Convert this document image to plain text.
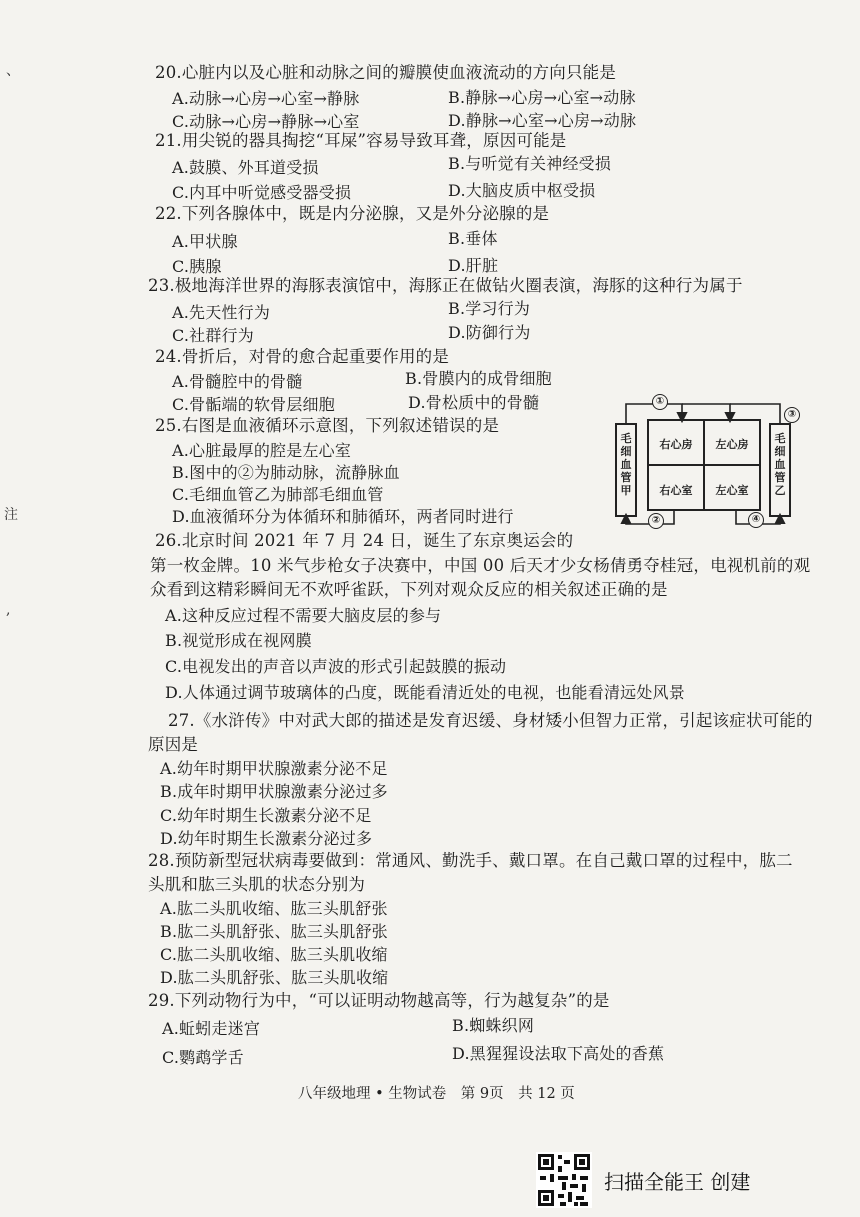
、
注
,
20.心脏内以及心脏和动脉之间的瓣膜使血液流动的方向只能是
A.动脉→心房→心室→静脉	B.静脉→心房→心室→动脉
C.动脉→心房→静脉→心室	D.静脉→心室→心房→动脉
21.用尖锐的器具掏挖“耳屎”容易导致耳聋，原因可能是
A.鼓膜、外耳道受损	B.与听觉有关神经受损
C.内耳中听觉感受器受损	D.大脑皮质中枢受损
22.下列各腺体中，既是内分泌腺，又是外分泌腺的是
A.甲状腺	B.垂体
C.胰腺	D.肝脏
23.极地海洋世界的海豚表演馆中，海豚正在做钻火圈表演，海豚的这种行为属于
A.先天性行为	B.学习行为
C.社群行为	D.防御行为
24.骨折后，对骨的愈合起重要作用的是
A.骨髓腔中的骨髓	B.骨膜内的成骨细胞
C.骨骺端的软骨层细胞	D.骨松质中的骨髓
25.右图是血液循环示意图，下列叙述错误的是
A.心脏最厚的腔是左心室
B.图中的②为肺动脉，流静脉血
C.毛细血管乙为肺部毛细血管
D.血液循环分为体循环和肺循环，两者同时进行
右心房	左心房
右心室	左心室
毛细血管甲
毛细血管乙
①
②
③
④
26.北京时间 2021 年 7 月 24 日，诞生了东京奥运会的
第一枚金牌。10 米气步枪女子决赛中，中国 00 后天才少女杨倩勇夺桂冠，电视机前的观
众看到这精彩瞬间无不欢呼雀跃，下列对观众反应的相关叙述正确的是
A.这种反应过程不需要大脑皮层的参与
B.视觉形成在视网膜
C.电视发出的声音以声波的形式引起鼓膜的振动
D.人体通过调节玻璃体的凸度，既能看清近处的电视，也能看清远处风景
27.《水浒传》中对武大郎的描述是发育迟缓、身材矮小但智力正常，引起该症状可能的
原因是
A.幼年时期甲状腺激素分泌不足
B.成年时期甲状腺激素分泌过多
C.幼年时期生长激素分泌不足
D.幼年时期生长激素分泌过多
28.预防新型冠状病毒要做到：常通风、勤洗手、戴口罩。在自己戴口罩的过程中，肱二
头肌和肱三头肌的状态分别为
A.肱二头肌收缩、肱三头肌舒张
B.肱二头肌舒张、肱三头肌舒张
C.肱二头肌收缩、肱三头肌收缩
D.肱二头肌舒张、肱三头肌收缩
29.下列动物行为中，“可以证明动物越高等，行为越复杂”的是
A.蚯蚓走迷宫	B.蜘蛛织网
C.鹦鹉学舌	D.黑猩猩设法取下高处的香蕉
八年级地理 • 生物试卷　第 9页　共 12 页
扫描全能王 创建
